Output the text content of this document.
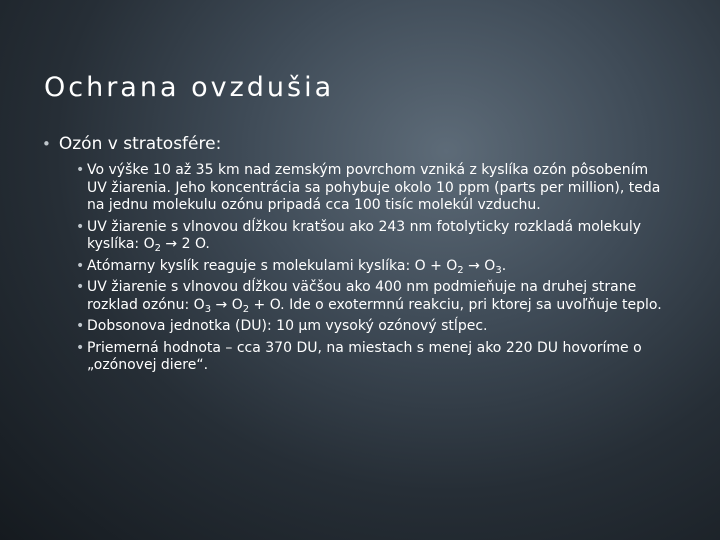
Ochrana ovzdušia
• Ozón v stratosfére:
• Vo výške 10 až 35 km nad zemským povrchom vzniká z kyslíka ozón pôsobením UV žiarenia. Jeho koncentrácia sa pohybuje okolo 10 ppm (parts per million), teda na jednu molekulu ozónu pripadá cca 100 tisíc molekúl vzduchu.
• UV žiarenie s vlnovou dĺžkou kratšou ako 243 nm fotolyticky rozkladá molekuly kyslíka: $O_2 \to 2$ O.
• Atómarny kyslík reaguje s molekulami kyslíka: $O + O_2 \to O_3$.
• UV žiarenie s vlnovou dĺžkou väčšou ako 400 nm podmieňuje na druhej strane rozklad ozónu: $O_3 \to O_2 + O$. Ide o exotermnú reakciu, pri ktorej sa uvoľňuje teplo.
• Dobsonova jednotka (DU): 10 μm vysoký ozónový stĺpec.
• Priemerná hodnota – cca 370 DU, na miestach s menej ako 220 DU hovoríme o „ozónovej diere“.
